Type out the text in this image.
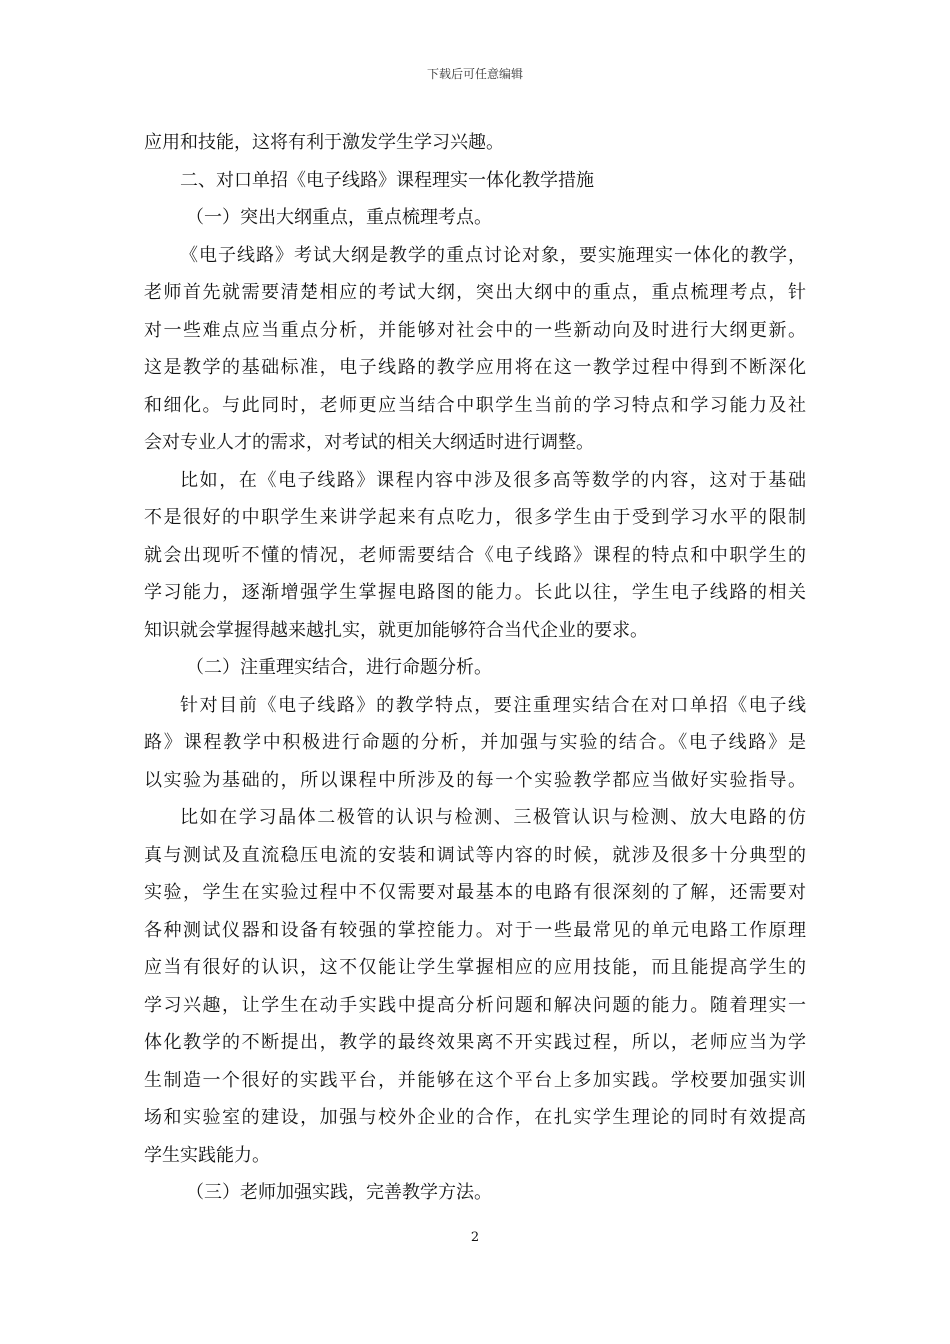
下载后可任意编辑
应用和技能，这将有利于激发学生学习兴趣。
二、对口单招《电子线路》课程理实一体化教学措施
（一）突出大纲重点，重点梳理考点。
《电子线路》考试大纲是教学的重点讨论对象，要实施理实一体化的教学，
老师首先就需要清楚相应的考试大纲，突出大纲中的重点，重点梳理考点，针
对一些难点应当重点分析，并能够对社会中的一些新动向及时进行大纲更新。
这是教学的基础标准，电子线路的教学应用将在这一教学过程中得到不断深化
和细化。与此同时，老师更应当结合中职学生当前的学习特点和学习能力及社
会对专业人才的需求，对考试的相关大纲适时进行调整。
比如，在《电子线路》课程内容中涉及很多高等数学的内容，这对于基础
不是很好的中职学生来讲学起来有点吃力，很多学生由于受到学习水平的限制
就会出现听不懂的情况，老师需要结合《电子线路》课程的特点和中职学生的
学习能力，逐渐增强学生掌握电路图的能力。长此以往，学生电子线路的相关
知识就会掌握得越来越扎实，就更加能够符合当代企业的要求。
（二）注重理实结合，进行命题分析。
针对目前《电子线路》的教学特点，要注重理实结合在对口单招《电子线
路》课程教学中积极进行命题的分析，并加强与实验的结合。《电子线路》是
以实验为基础的，所以课程中所涉及的每一个实验教学都应当做好实验指导。
比如在学习晶体二极管的认识与检测、三极管认识与检测、放大电路的仿
真与测试及直流稳压电流的安装和调试等内容的时候，就涉及很多十分典型的
实验，学生在实验过程中不仅需要对最基本的电路有很深刻的了解，还需要对
各种测试仪器和设备有较强的掌控能力。对于一些最常见的单元电路工作原理
应当有很好的认识，这不仅能让学生掌握相应的应用技能，而且能提高学生的
学习兴趣，让学生在动手实践中提高分析问题和解决问题的能力。随着理实一
体化教学的不断提出，教学的最终效果离不开实践过程，所以，老师应当为学
生制造一个很好的实践平台，并能够在这个平台上多加实践。学校要加强实训
场和实验室的建设，加强与校外企业的合作，在扎实学生理论的同时有效提高
学生实践能力。
（三）老师加强实践，完善教学方法。
2
